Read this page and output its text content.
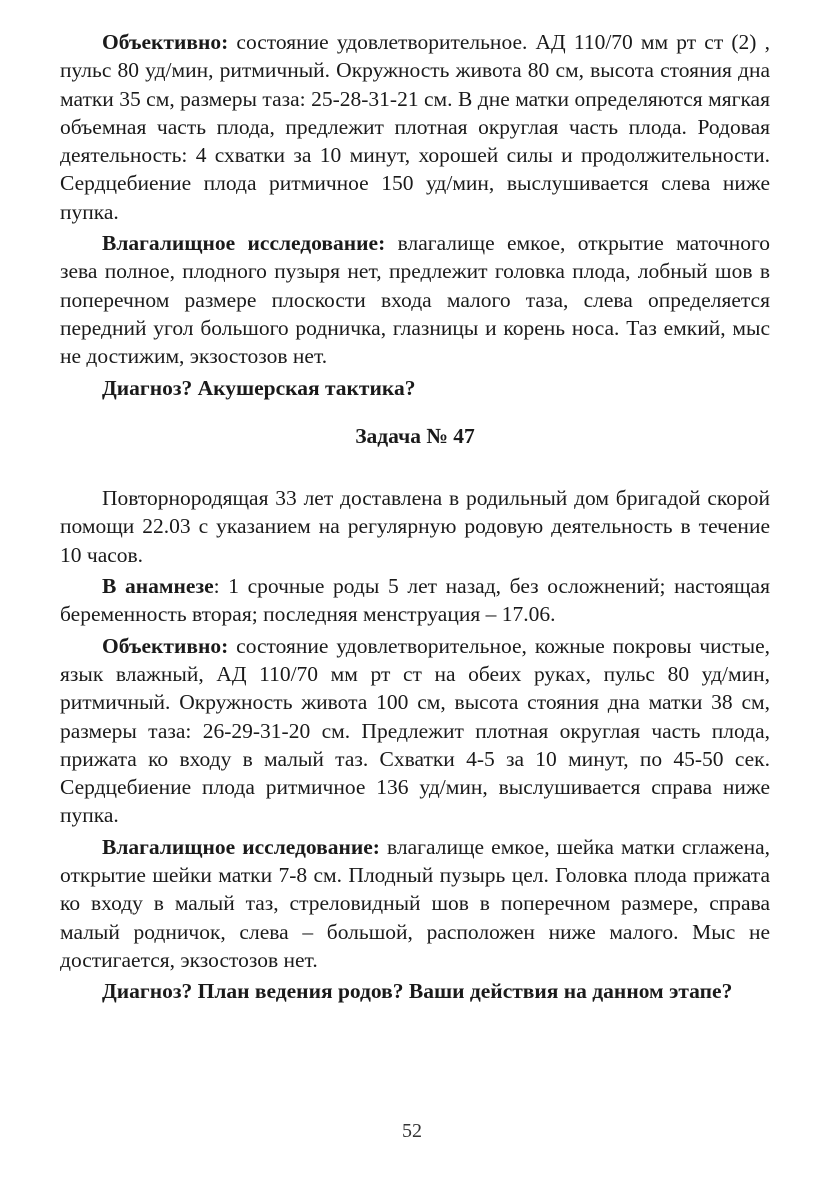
Объективно: состояние удовлетворительное. АД 110/70 мм рт ст (2) , пульс 80 уд/мин, ритмичный. Окружность живота 80 см, высота стояния дна матки 35 см, размеры таза: 25-28-31-21 см. В дне матки определяются мягкая объемная часть плода, предлежит плотная округлая часть плода. Родовая деятельность: 4 схватки за 10 минут, хорошей силы и продолжительности. Сердцебиение плода ритмичное 150 уд/мин, выслушивается слева ниже пупка.

Влагалищное исследование: влагалище емкое, открытие маточного зева полное, плодного пузыря нет, предлежит головка плода, лобный шов в поперечном размере плоскости входа малого таза, слева определяется передний угол большого родничка, глазницы и корень носа. Таз емкий, мыс не достижим, экзостозов нет.

Диагноз? Акушерская тактика?

Задача № 47

Повторнородящая 33 лет доставлена в родильный дом бригадой скорой помощи 22.03 с указанием на регулярную родовую деятельность в течение 10 часов.

В анамнезе: 1 срочные роды 5 лет назад, без осложнений; настоящая беременность вторая; последняя менструация – 17.06.

Объективно: состояние удовлетворительное, кожные покровы чистые, язык влажный, АД 110/70 мм рт ст на обеих руках, пульс 80 уд/мин, ритмичный. Окружность живота 100 см, высота стояния дна матки 38 см, размеры таза: 26-29-31-20 см. Предлежит плотная округлая часть плода, прижата ко входу в малый таз. Схватки 4-5 за 10 минут, по 45-50 сек. Сердцебиение плода ритмичное 136 уд/мин, выслушивается справа ниже пупка.

Влагалищное исследование: влагалище емкое, шейка матки сглажена, открытие шейки матки 7-8 см. Плодный пузырь цел. Головка плода прижата ко входу в малый таз, стреловидный шов в поперечном размере, справа малый родничок, слева – большой, расположен ниже малого. Мыс не достигается, экзостозов нет.

Диагноз? План ведения родов? Ваши действия на данном этапе?

52
